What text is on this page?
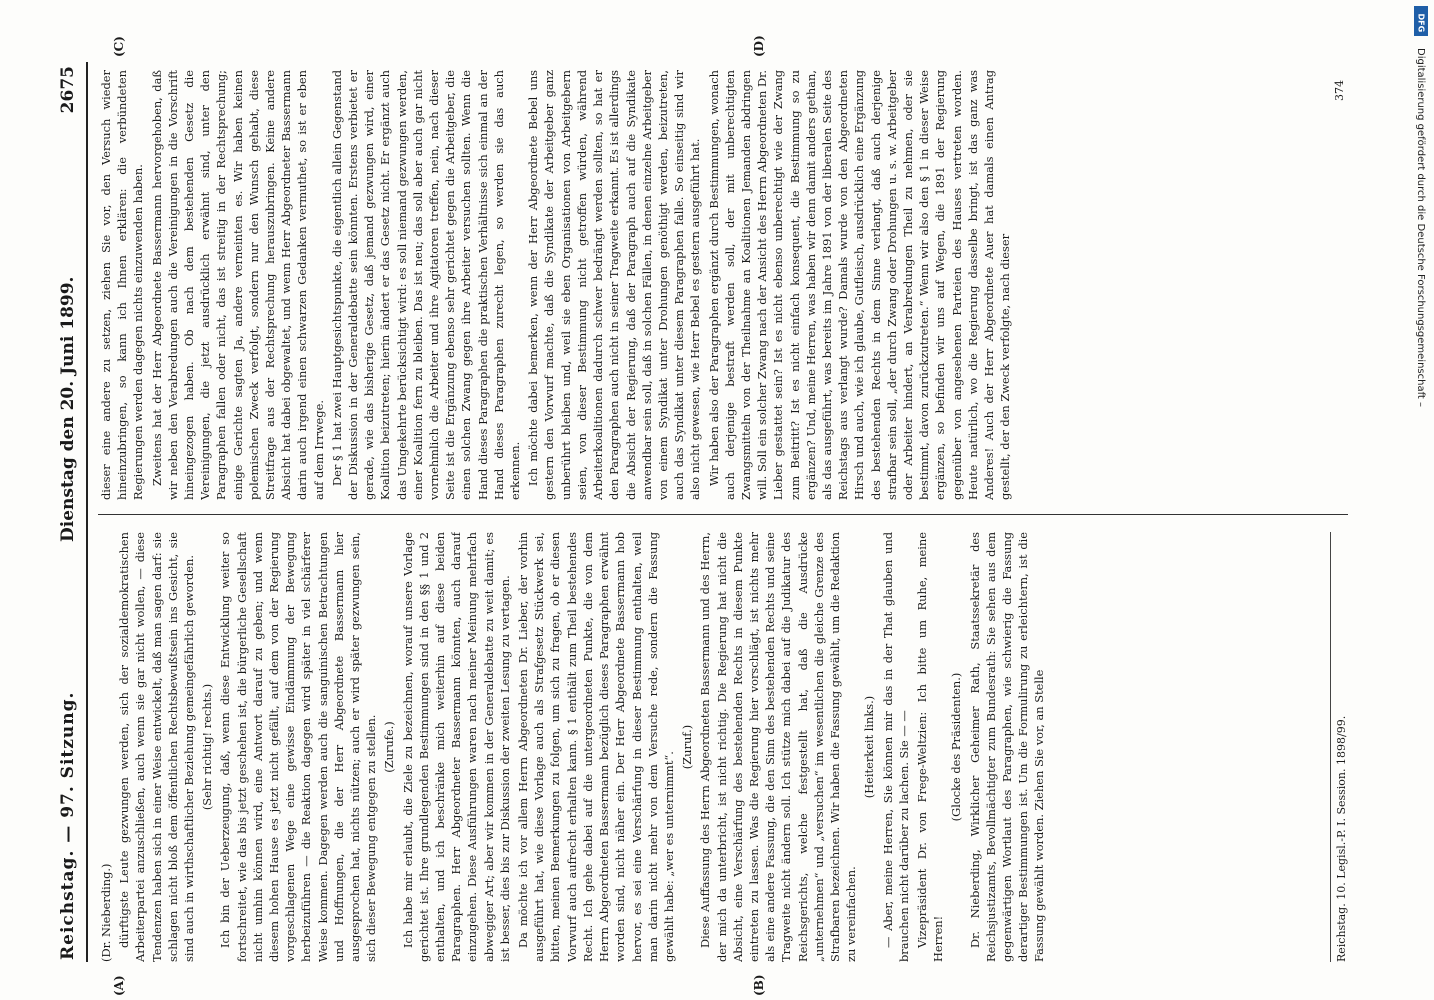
Reichstag. — 97. Sitzung.
Dienstag den 20. Juni 1899.
2675

(Dr. Nieberding.) dürftigste Leute gezwungen werden, sich der sozialdemokratischen Arbeiterpartei anzuschließen, auch wenn sie gar nicht wollen, — diese Tendenzen haben sich in einer Weise entwickelt, daß man sagen darf: sie schlagen nicht bloß dem öffentlichen Rechtsbewußtsein ins Gesicht, sie sind auch in wirthschaftlicher Beziehung gemeingefährlich geworden. (Sehr richtig! rechts.) Ich bin der Ueberzeugung, daß, wenn diese Entwicklung weiter so fortschreitet, wie das bis jetzt geschehen ist, die bürgerliche Gesellschaft nicht umhin können wird, eine Antwort darauf zu geben; und wenn diesem hohen Hause es jetzt nicht gefällt, auf dem von der Regierung vorgeschlagenen Wege eine gewisse Eindämmung der Bewegung herbeizuführen — die Reaktion dagegen wird später in viel schärferer Weise kommen. Dagegen werden auch die sanguinischen Betrachtungen und Hoffnungen, die der Herr Abgeordnete Bassermann hier ausgesprochen hat, nichts nützen; auch er wird später gezwungen sein, sich dieser Bewegung entgegen zu stellen. (Zurufe.) Ich habe mir erlaubt, die Ziele zu bezeichnen, worauf unsere Vorlage gerichtet ist. Ihre grundlegenden Bestimmungen sind in den §§ 1 und 2 enthalten, und ich beschränke mich weiterhin auf diese beiden Paragraphen. Herr Abgeordneter Bassermann könnten, auch darauf einzugehen. Diese Ausführungen waren nach meiner Meinung mehrfach abwegiger Art; aber wir kommen in der Generaldebatte zu weit damit; es ist besser, dies bis zur Diskussion der zweiten Lesung zu vertagen. Da möchte ich vor allem Herrn Abgeordneten Dr. Lieber, der vorhin ausgeführt hat, wie diese Vorlage auch als Strafgesetz Stückwerk sei, bitten, meinen Bemerkungen zu folgen, um sich zu fragen, ob er diesen Vorwurf auch aufrecht erhalten kann. § 1 enthält zum Theil bestehendes Recht. Ich gehe dabei auf die untergeordneten Punkte, die von dem Herrn Abgeordneten Bassermann bezüglich dieses Paragraphen erwähnt worden sind, nicht näher ein. Der Herr Abgeordnete Bassermann hob hervor, es sei eine Verschärfung in dieser Bestimmung enthalten, weil man darin nicht mehr von dem Versuche rede, sondern die Fassung gewählt habe: „wer es unternimmt“.

(Zuruf.) Diese Auffassung des Herrn Abgeordneten Bassermann und des Herrn, der mich da unterbricht, ist nicht richtig. Die Regierung hat nicht die Absicht, eine Verschärfung des bestehenden Rechts in diesem Punkte eintreten zu lassen. Was die Regierung hier vorschlägt, ist nichts mehr als eine andere Fassung, die den Sinn des bestehenden Rechts und seine Tragweite nicht ändern soll. Ich stütze mich dabei auf die Judikatur des Reichsgerichts, welche festgestellt hat, daß die Ausdrücke „unternehmen“ und „versuchen“ im wesentlichen die gleiche Grenze des Strafbaren bezeichnen. Wir haben die Fassung gewählt, um die Redaktion zu vereinfachen.

(Heiterkeit links.) — Aber, meine Herren, Sie können mir das in der That glauben und brauchen nicht darüber zu lachen. Sie — — Vizepräsident Dr. von Frege-Weltzien: Ich bitte um Ruhe, meine Herren!

(Glocke des Präsidenten.) Dr. Nieberding, Wirklicher Geheimer Rath, Staatssekretär des Reichsjustizamts, Bevollmächtigter zum Bundesrath: Sie sehen aus dem gegenwärtigen Wortlaut des Paragraphen, wie schwierig die Fassung derartiger Bestimmungen ist. Um die Formulirung zu erleichtern, ist die Fassung gewählt worden. Ziehen Sie vor, an Stelle	Reichstag. 10. Legisl.-P. I. Session. 1898/99.

dieser eine andere zu setzen, ziehen Sie vor, den Versuch wieder hineinzubringen, so kann ich Ihnen erklären: die verbündeten Regierungen werden dagegen nichts einzuwenden haben. Zweitens hat der Herr Abgeordnete Bassermann hervorgehoben, daß wir neben den Verabredungen auch die Vereinigungen in die Vorschrift hineingezogen haben. Ob nach dem bestehenden Gesetz die Vereinigungen, die jetzt ausdrücklich erwähnt sind, unter den Paragraphen fallen oder nicht, das ist streitig in der Rechtsprechung; einige Gerichte sagten Ja, andere verneinten es. Wir haben keinen polemischen Zweck verfolgt, sondern nur den Wunsch gehabt, diese Streitfrage aus der Rechtsprechung herauszubringen. Keine andere Absicht hat dabei obgewaltet, und wenn Herr Abgeordneter Bassermann darin auch irgend einen schwarzen Gedanken vermuthet, so ist er eben auf dem Irrwege. Der § 1 hat zwei Hauptgesichtspunkte, die eigentlich allein Gegenstand der Diskussion in der Generaldebatte sein könnten. Erstens verbietet er gerade, wie das bisherige Gesetz, daß jemand gezwungen wird, einer Koalition beizutreten; hierin ändert er das Gesetz nicht. Er ergänzt auch das Umgekehrte berücksichtigt wird: es soll niemand gezwungen werden, einer Koalition fern zu bleiben. Das ist neu; das soll aber auch gar nicht vornehmlich die Arbeiter und ihre Agitatoren treffen, nein, nach dieser Seite ist die Ergänzung ebenso sehr gerichtet gegen die Arbeitgeber, die einen solchen Zwang gegen ihre Arbeiter versuchen sollten. Wenn die Hand dieses Paragraphen die praktischen Verhältnisse sich einmal an der Hand dieses Paragraphen zurecht legen, so werden sie das auch erkennen. Ich möchte dabei bemerken, wenn der Herr Abgeordnete Bebel uns gestern den Vorwurf machte, daß die Syndikate der Arbeitgeber ganz unberührt bleiben und, weil sie eben Organisationen von Arbeitgebern seien, von dieser Bestimmung nicht getroffen würden, während Arbeiterkoalitionen dadurch schwer bedrängt werden sollten, so hat er den Paragraphen auch nicht in seiner Tragweite erkannt. Es ist allerdings die Absicht der Regierung, daß der Paragraph auch auf die Syndikate anwendbar sein soll, daß in solchen Fällen, in denen einzelne Arbeitgeber von einem Syndikat unter Drohungen genöthigt werden, beizutreten, auch das Syndikat unter diesem Paragraphen falle. So einseitig sind wir also nicht gewesen, wie Herr Bebel es gestern ausgeführt hat. Wir haben also der Paragraphen ergänzt durch Bestimmungen, wonach auch derjenige bestraft werden soll, der mit unberechtigten Zwangsmitteln von der Theilnahme an Koalitionen Jemanden abdringen will. Soll ein solcher Zwang nach der Ansicht des Herrn Abgeordneten Dr. Lieber gestattet sein? Ist es nicht ebenso unberechtigt wie der Zwang zum Beitritt? Ist es nicht einfach konsequent, die Bestimmung so zu ergänzen? Und, meine Herren, was haben wir denn damit anders gethan, als das ausgeführt, was bereits im Jahre 1891 von der liberalen Seite des Reichstags aus verlangt wurde? Damals wurde von den Abgeordneten Hirsch und auch, wie ich glaube, Gutfleisch, ausdrücklich eine Ergänzung des bestehenden Rechts in dem Sinne verlangt, daß auch derjenige strafbar sein soll, „der durch Zwang oder Drohungen u. s. w. Arbeitgeber oder Arbeiter hindert, an Verabredungen Theil zu nehmen, oder sie bestimmt, davon zurückzutreten.“ Wenn wir also den § 1 in dieser Weise ergänzen, so befinden wir uns auf Wegen, die 1891 der Regierung gegenüber von angesehenen Parteien des Hauses vertreten worden. Heute natürlich, wo die Regierung dasselbe bringt, ist das ganz was Anderes! Auch der Herr Abgeordnete Auer hat damals einen Antrag gestellt, der den Zweck verfolgte, nach dieser

374
(A)	(B)
(C)	(D)
DFG
Digitalisierung gefördert durch die Deutsche Forschungsgemeinschaft –
